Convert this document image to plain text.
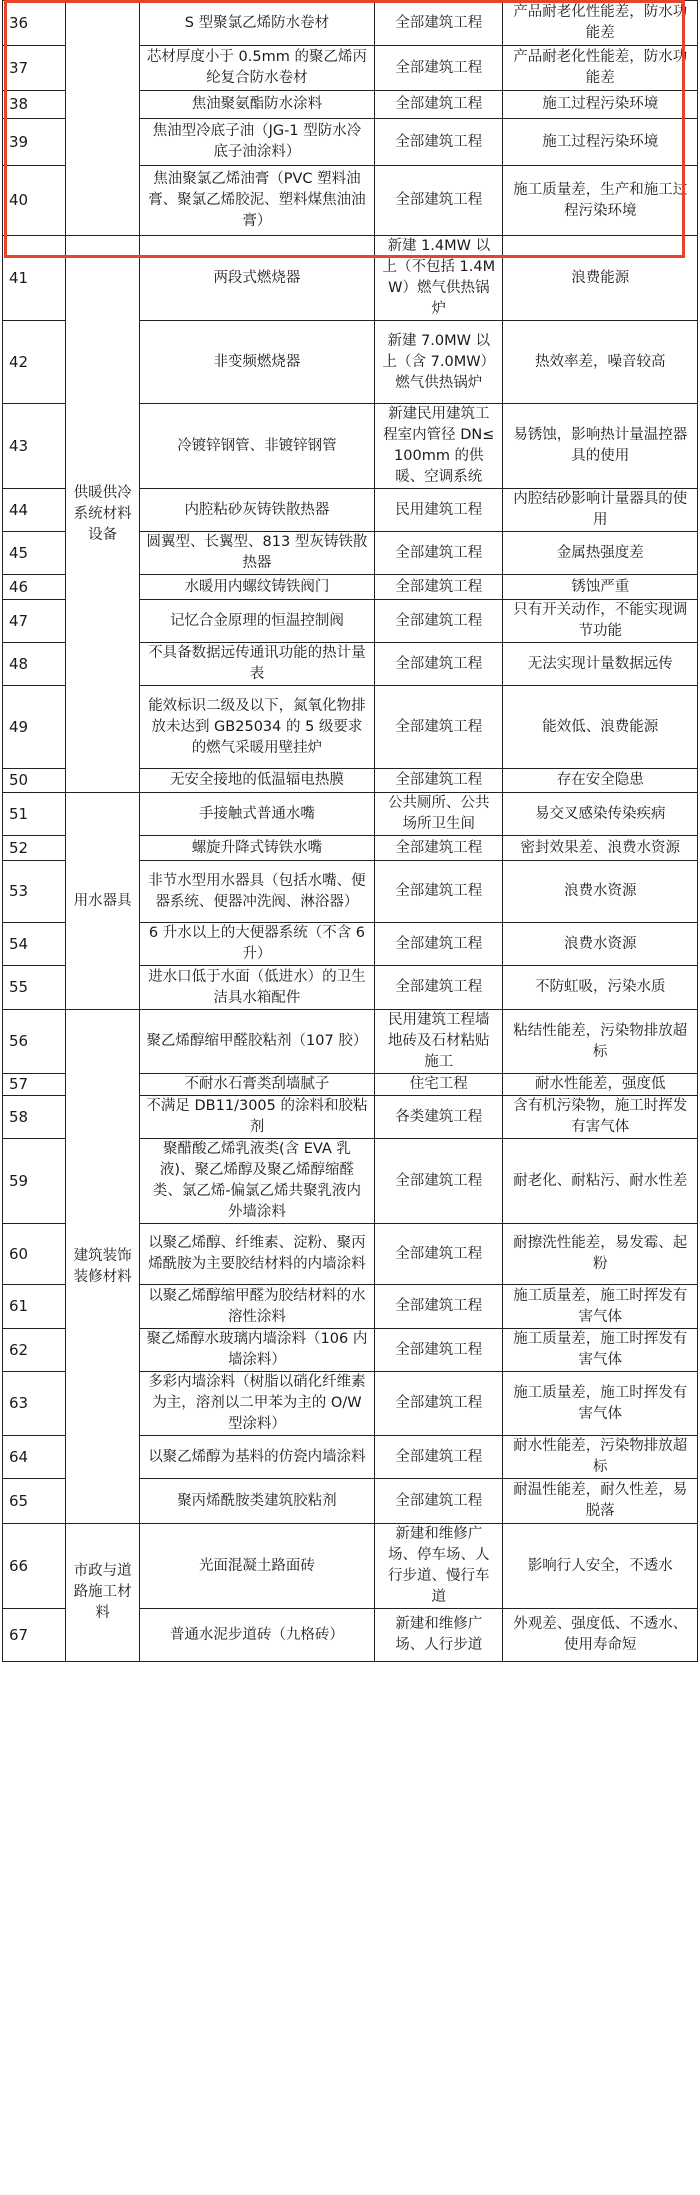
36		S 型聚氯乙烯防水卷材	全部建筑工程	产品耐老化性能差，防水功能差
37		芯材厚度小于 0.5mm 的聚乙烯丙纶复合防水卷材	全部建筑工程	产品耐老化性能差，防水功能差
38		焦油聚氨酯防水涂料	全部建筑工程	施工过程污染环境
39		焦油型冷底子油（JG-1 型防水冷底子油涂料）	全部建筑工程	施工过程污染环境
40		焦油聚氯乙烯油膏（PVC 塑料油膏、聚氯乙烯胶泥、塑料煤焦油油膏）	全部建筑工程	施工质量差，生产和施工过程污染环境
41	供暖供冷系统材料设备	两段式燃烧器	新建 1.4MW 以上（不包括 1.4MW）燃气供热锅炉	浪费能源
42		非变频燃烧器	新建 7.0MW 以上（含 7.0MW）燃气供热锅炉	热效率差，噪音较高
43		冷镀锌钢管、非镀锌钢管	新建民用建筑工程室内管径 DN≤100mm 的供暖、空调系统	易锈蚀，影响热计量温控器具的使用
44		内腔粘砂灰铸铁散热器	民用建筑工程	内腔结砂影响计量器具的使用
45		圆翼型、长翼型、813 型灰铸铁散热器	全部建筑工程	金属热强度差
46		水暖用内螺纹铸铁阀门	全部建筑工程	锈蚀严重
47		记忆合金原理的恒温控制阀	全部建筑工程	只有开关动作，不能实现调节功能
48		不具备数据远传通讯功能的热计量表	全部建筑工程	无法实现计量数据远传
49		能效标识二级及以下，氮氧化物排放未达到 GB25034 的 5 级要求的燃气采暖用壁挂炉	全部建筑工程	能效低、浪费能源
50		无安全接地的低温辐电热膜	全部建筑工程	存在安全隐患
51	用水器具	手接触式普通水嘴	公共厕所、公共场所卫生间	易交叉感染传染疾病
52		螺旋升降式铸铁水嘴	全部建筑工程	密封效果差、浪费水资源
53		非节水型用水器具（包括水嘴、便器系统、便器冲洗阀、淋浴器）	全部建筑工程	浪费水资源
54		6 升水以上的大便器系统（不含 6 升）	全部建筑工程	浪费水资源
55		进水口低于水面（低进水）的卫生洁具水箱配件	全部建筑工程	不防虹吸，污染水质
56	建筑装饰装修材料	聚乙烯醇缩甲醛胶粘剂（107 胶）	民用建筑工程墙地砖及石材粘贴施工	粘结性能差，污染物排放超标
57		不耐水石膏类刮墙腻子	住宅工程	耐水性能差，强度低
58		不满足 DB11/3005 的涂料和胶粘剂	各类建筑工程	含有机污染物，施工时挥发有害气体
59		聚醋酸乙烯乳液类(含 EVA 乳液)、聚乙烯醇及聚乙烯醇缩醛类、氯乙烯-偏氯乙烯共聚乳液内外墙涂料	全部建筑工程	耐老化、耐粘污、耐水性差
60		以聚乙烯醇、纤维素、淀粉、聚丙烯酰胺为主要胶结材料的内墙涂料	全部建筑工程	耐擦洗性能差，易发霉、起粉
61		以聚乙烯醇缩甲醛为胶结材料的水溶性涂料	全部建筑工程	施工质量差，施工时挥发有害气体
62		聚乙烯醇水玻璃内墙涂料（106 内墙涂料）	全部建筑工程	施工质量差，施工时挥发有害气体
63		多彩内墙涂料（树脂以硝化纤维素为主，溶剂以二甲苯为主的 O/W 型涂料）	全部建筑工程	施工质量差，施工时挥发有害气体
64		以聚乙烯醇为基料的仿瓷内墙涂料	全部建筑工程	耐水性能差，污染物排放超标
65		聚丙烯酰胺类建筑胶粘剂	全部建筑工程	耐温性能差，耐久性差，易脱落
66	市政与道路施工材料	光面混凝土路面砖	新建和维修广场、停车场、人行步道、慢行车道	影响行人安全，不透水
67		普通水泥步道砖（九格砖）	新建和维修广场、人行步道	外观差、强度低、不透水、使用寿命短
